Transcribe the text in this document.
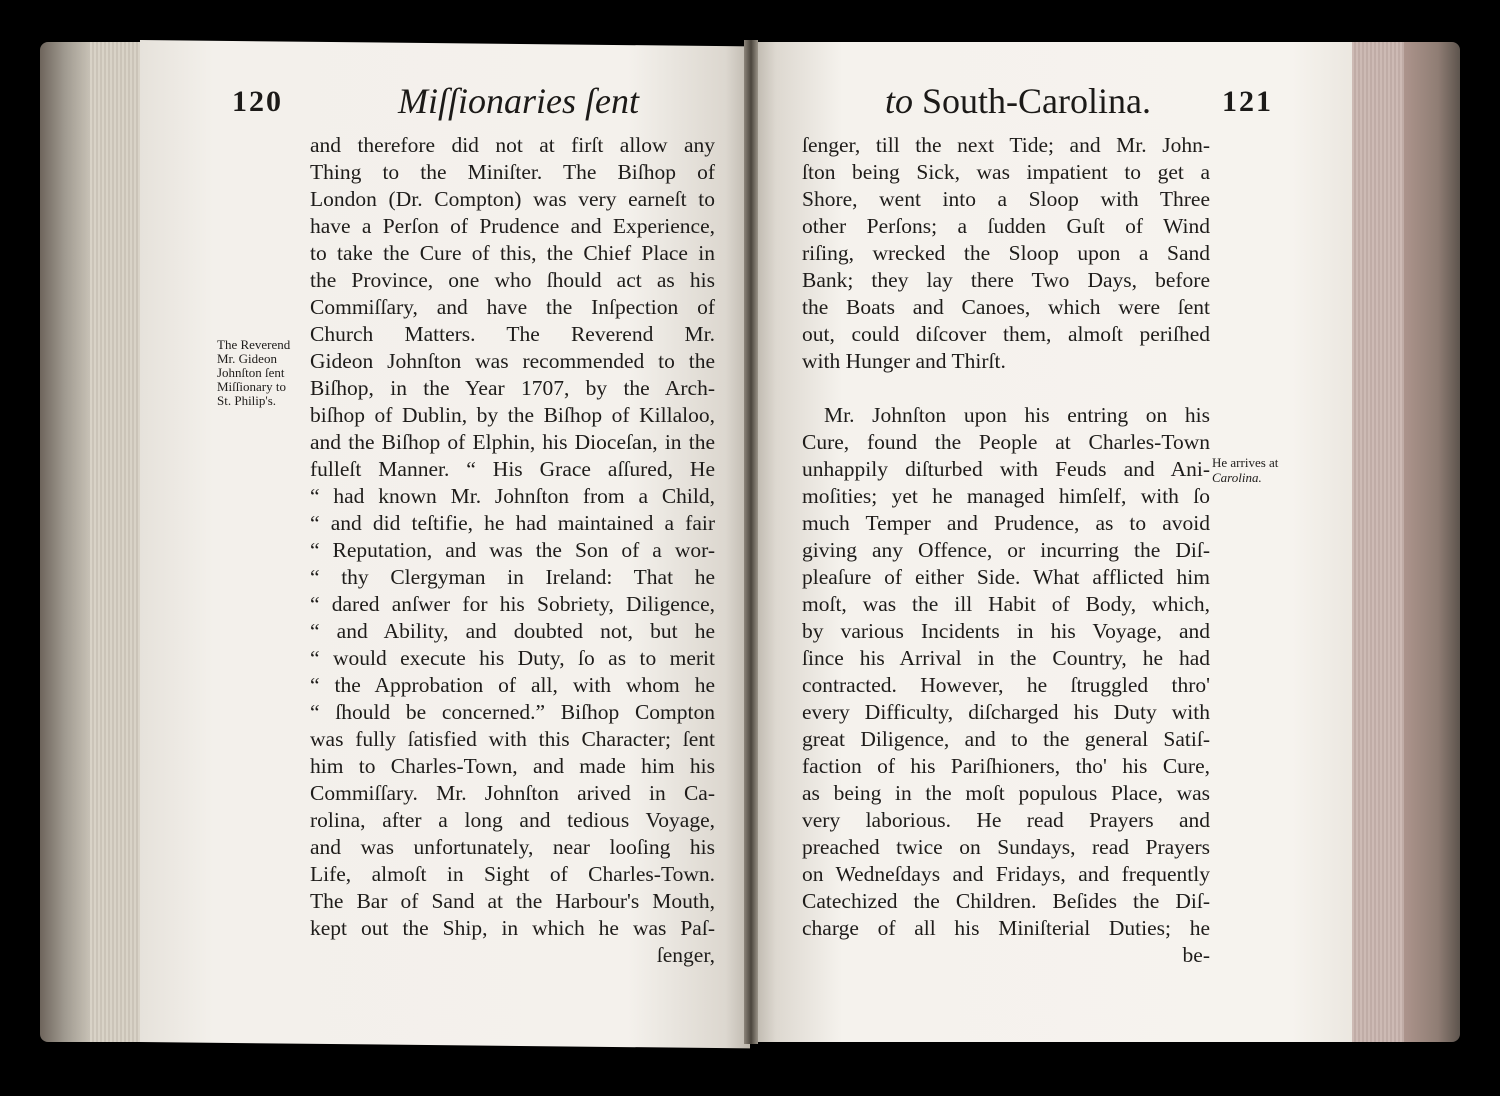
120	Miſſionaries ſent	to South-Carolina. 121
The Reverend
Mr. Gideon
Johnſton ſent
Miſſionary to
St. Philip's.
and therefore did not at firſt allow any
Thing to the Miniſter. The Biſhop of
London (Dr. Compton) was very earneſt to
have a Perſon of Prudence and Experience,
to take the Cure of this, the Chief Place in
the Province, one who ſhould act as his
Commiſſary, and have the Inſpection of
Church Matters. The Reverend Mr.
Gideon Johnſton was recommended to the
Biſhop, in the Year 1707, by the Arch-
biſhop of Dublin, by the Biſhop of Killaloo,
and the Biſhop of Elphin, his Dioceſan, in the
fulleſt Manner. “ His Grace aſſured, He
“ had known Mr. Johnſton from a Child,
“ and did teſtifie, he had maintained a fair
“ Reputation, and was the Son of a wor-
“ thy Clergyman in Ireland: That he
“ dared anſwer for his Sobriety, Diligence,
“ and Ability, and doubted not, but he
“ would execute his Duty, ſo as to merit
“ the Approbation of all, with whom he
“ ſhould be concerned.” Biſhop Compton
was fully ſatisfied with this Character; ſent
him to Charles-Town, and made him his
Commiſſary. Mr. Johnſton arived in Ca-
rolina, after a long and tedious Voyage,
and was unfortunately, near looſing his
Life, almoſt in Sight of Charles-Town.
The Bar of Sand at the Harbour's Mouth,
kept out the Ship, in which he was Paſ-
ſenger,
He arrives at
Carolina.
ſenger, till the next Tide; and Mr. John-
ſton being Sick, was impatient to get a
Shore, went into a Sloop with Three
other Perſons; a ſudden Guſt of Wind
riſing, wrecked the Sloop upon a Sand
Bank; they lay there Two Days, before
the Boats and Canoes, which were ſent
out, could diſcover them, almoſt periſhed
with Hunger and Thirſt.
Mr. Johnſton upon his entring on his
Cure, found the People at Charles-Town
unhappily diſturbed with Feuds and Ani-
moſities; yet he managed himſelf, with ſo
much Temper and Prudence, as to avoid
giving any Offence, or incurring the Diſ-
pleaſure of either Side. What afflicted him
moſt, was the ill Habit of Body, which,
by various Incidents in his Voyage, and
ſince his Arrival in the Country, he had
contracted. However, he ſtruggled thro'
every Difficulty, diſcharged his Duty with
great Diligence, and to the general Satiſ-
faction of his Pariſhioners, tho' his Cure,
as being in the moſt populous Place, was
very laborious. He read Prayers and
preached twice on Sundays, read Prayers
on Wedneſdays and Fridays, and frequently
Catechized the Children. Beſides the Diſ-
charge of all his Miniſterial Duties; he
be-
